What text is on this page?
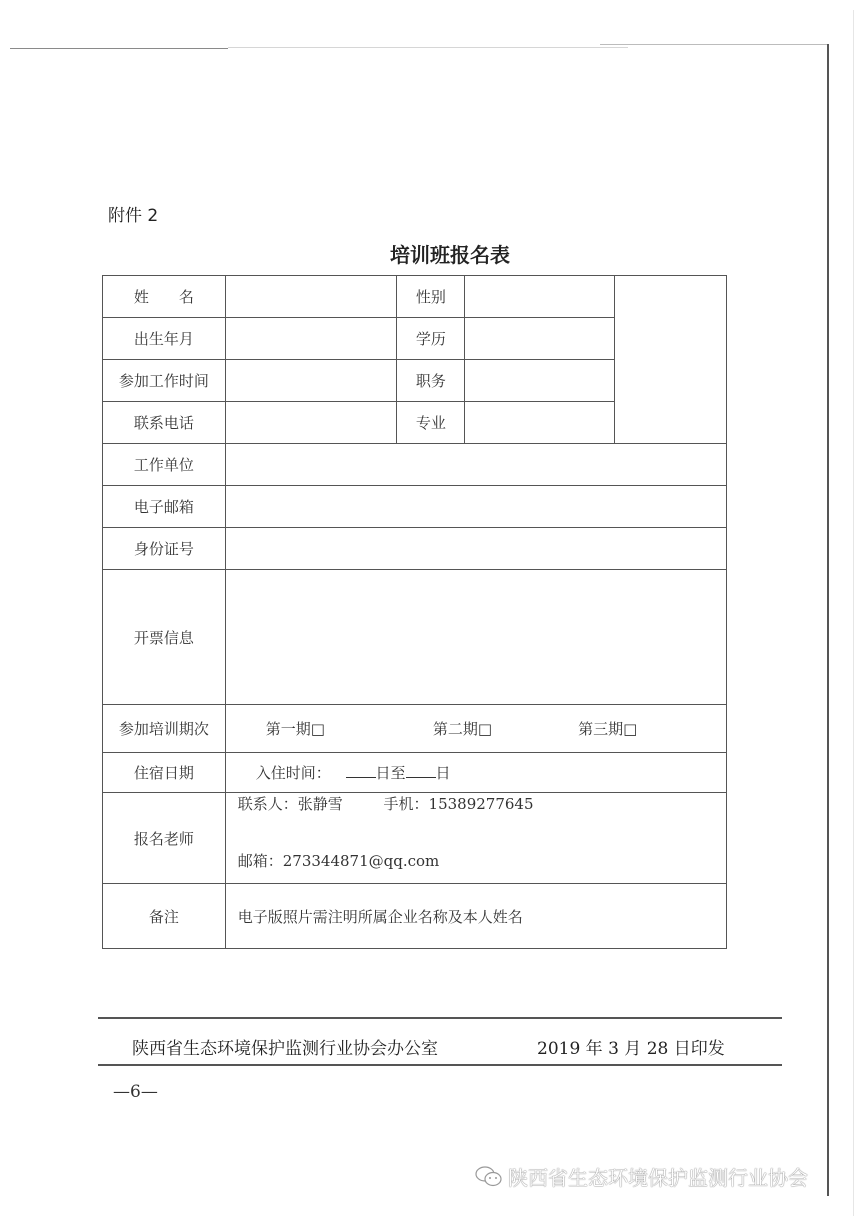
附件 2
培训班报名表
姓　　名		性别		
出生年月		学历		
参加工作时间		职务		
联系电话		专业		
工作单位				
电子邮箱				
身份证号				
开票信息				
参加培训期次	第一期□ 第二期□ 第三期□			

住宿日期	入住时间： 日至 日			
报名老师	联系人：张静雪 手机：15389277645
邮箱：273344871@qq.com			

备注	电子版照片需注明所属企业名称及本人姓名			
陕西省生态环境保护监测行业协会办公室	2019 年 3 月 28 日印发
—6—
陕西省生态环境保护监测行业协会
